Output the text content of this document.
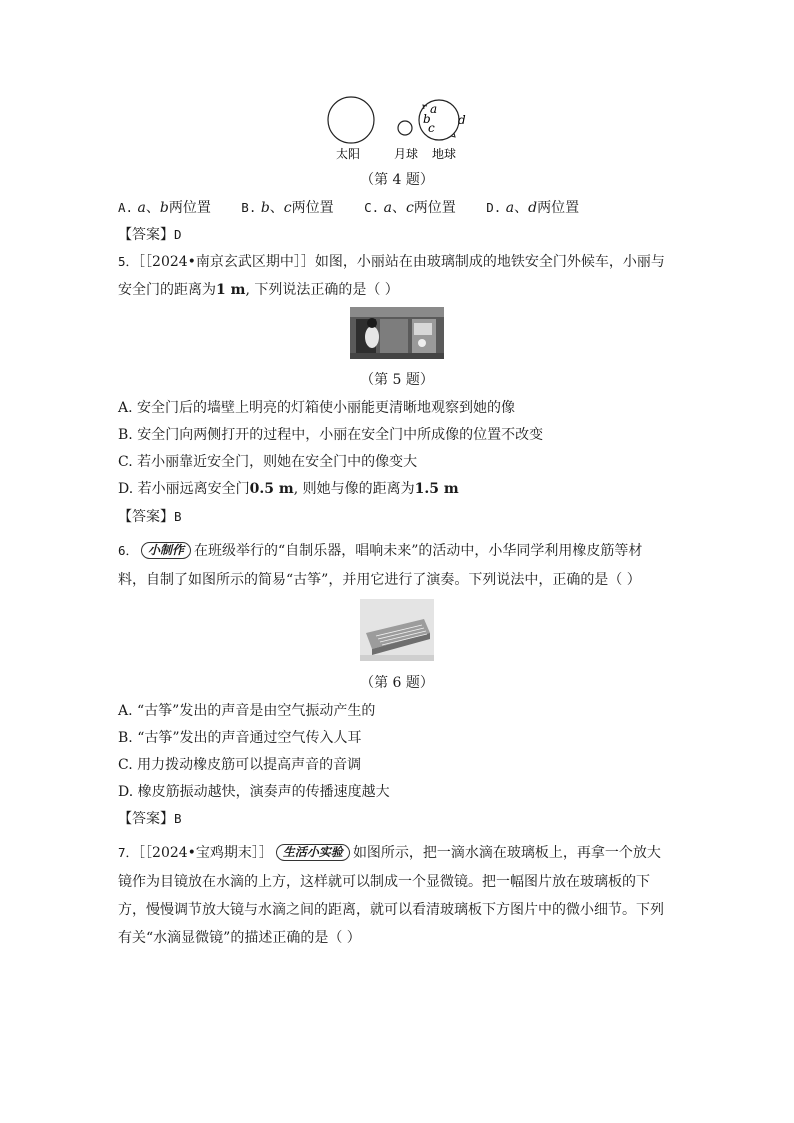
a
b
c
d
太阳	月球 地球
（第 4 题）
A. a、b两位置 B. b、c两位置 C. a、c两位置 D. a、d两位置
【答案】D
5．［［2024•南京玄武区期中］］如图，小丽站在由玻璃制成的地铁安全门外候车，小丽与
安全门的距离为1 m, 下列说法正确的是（ ）
（第 5 题）
A. 安全门后的墙壁上明亮的灯箱使小丽能更清晰地观察到她的像
B. 安全门向两侧打开的过程中，小丽在安全门中所成像的位置不改变
C. 若小丽靠近安全门，则她在安全门中的像变大
D. 若小丽远离安全门0.5 m, 则她与像的距离为1.5 m
【答案】B
6． 小制作 在班级举行的“自制乐器，唱响未来”的活动中，小华同学利用橡皮筋等材
料，自制了如图所示的简易“古筝”，并用它进行了演奏。下列说法中，正确的是（ ）
（第 6 题）
A. “古筝”发出的声音是由空气振动产生的
B. “古筝”发出的声音通过空气传入人耳
C. 用力拨动橡皮筋可以提高声音的音调
D. 橡皮筋振动越快，演奏声的传播速度越大
【答案】B
7．［［2024•宝鸡期末］］ 生活小实验 如图所示，把一滴水滴在玻璃板上，再拿一个放大
镜作为目镜放在水滴的上方，这样就可以制成一个显微镜。把一幅图片放在玻璃板的下
方，慢慢调节放大镜与水滴之间的距离，就可以看清玻璃板下方图片中的微小细节。下列
有关“水滴显微镜”的描述正确的是（ ）
